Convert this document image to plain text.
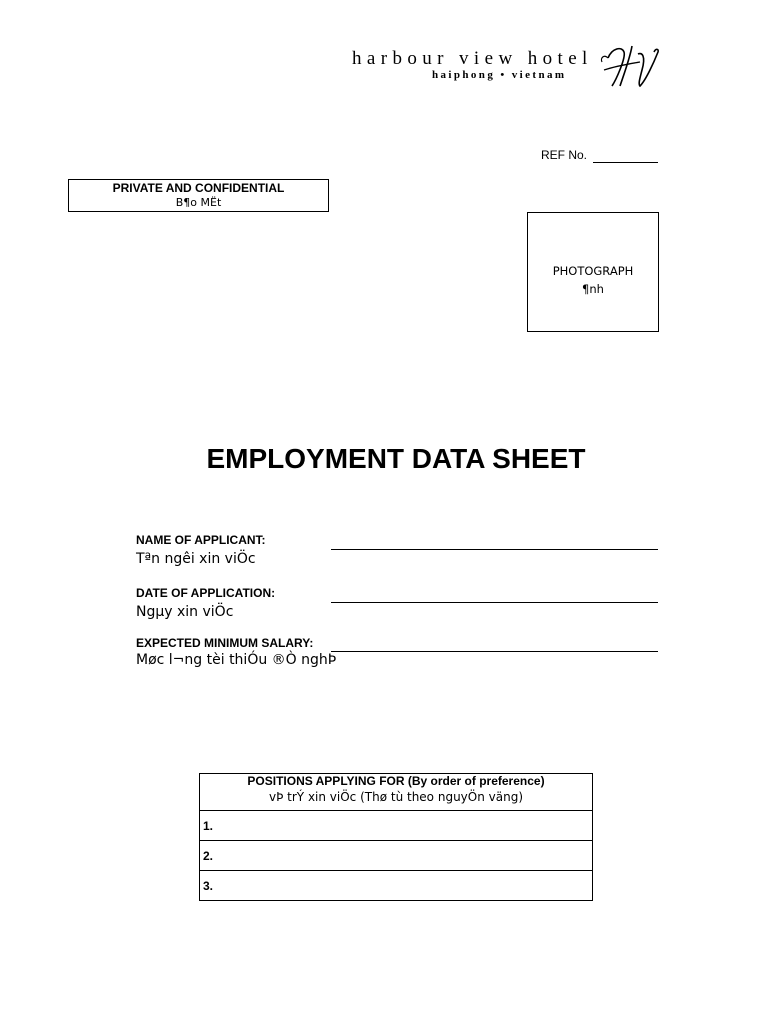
harbour view hotel
haiphong • vietnam
REF No.
PRIVATE AND CONFIDENTIAL
B¶o MËt
PHOTOGRAPH
¶nh
EMPLOYMENT DATA SHEET
NAME OF APPLICANT:
Tªn ngêi xin viÖc
DATE OF APPLICATION:
Ngµy xin viÖc
EXPECTED MINIMUM SALARY:
Møc l¬ng tèi thiÓu ®Ò nghÞ
POSITIONS APPLYING FOR (By order of preference)
vÞ trÝ xin viÖc (Thø tù theo nguyÖn väng)
1.
2.
3.
